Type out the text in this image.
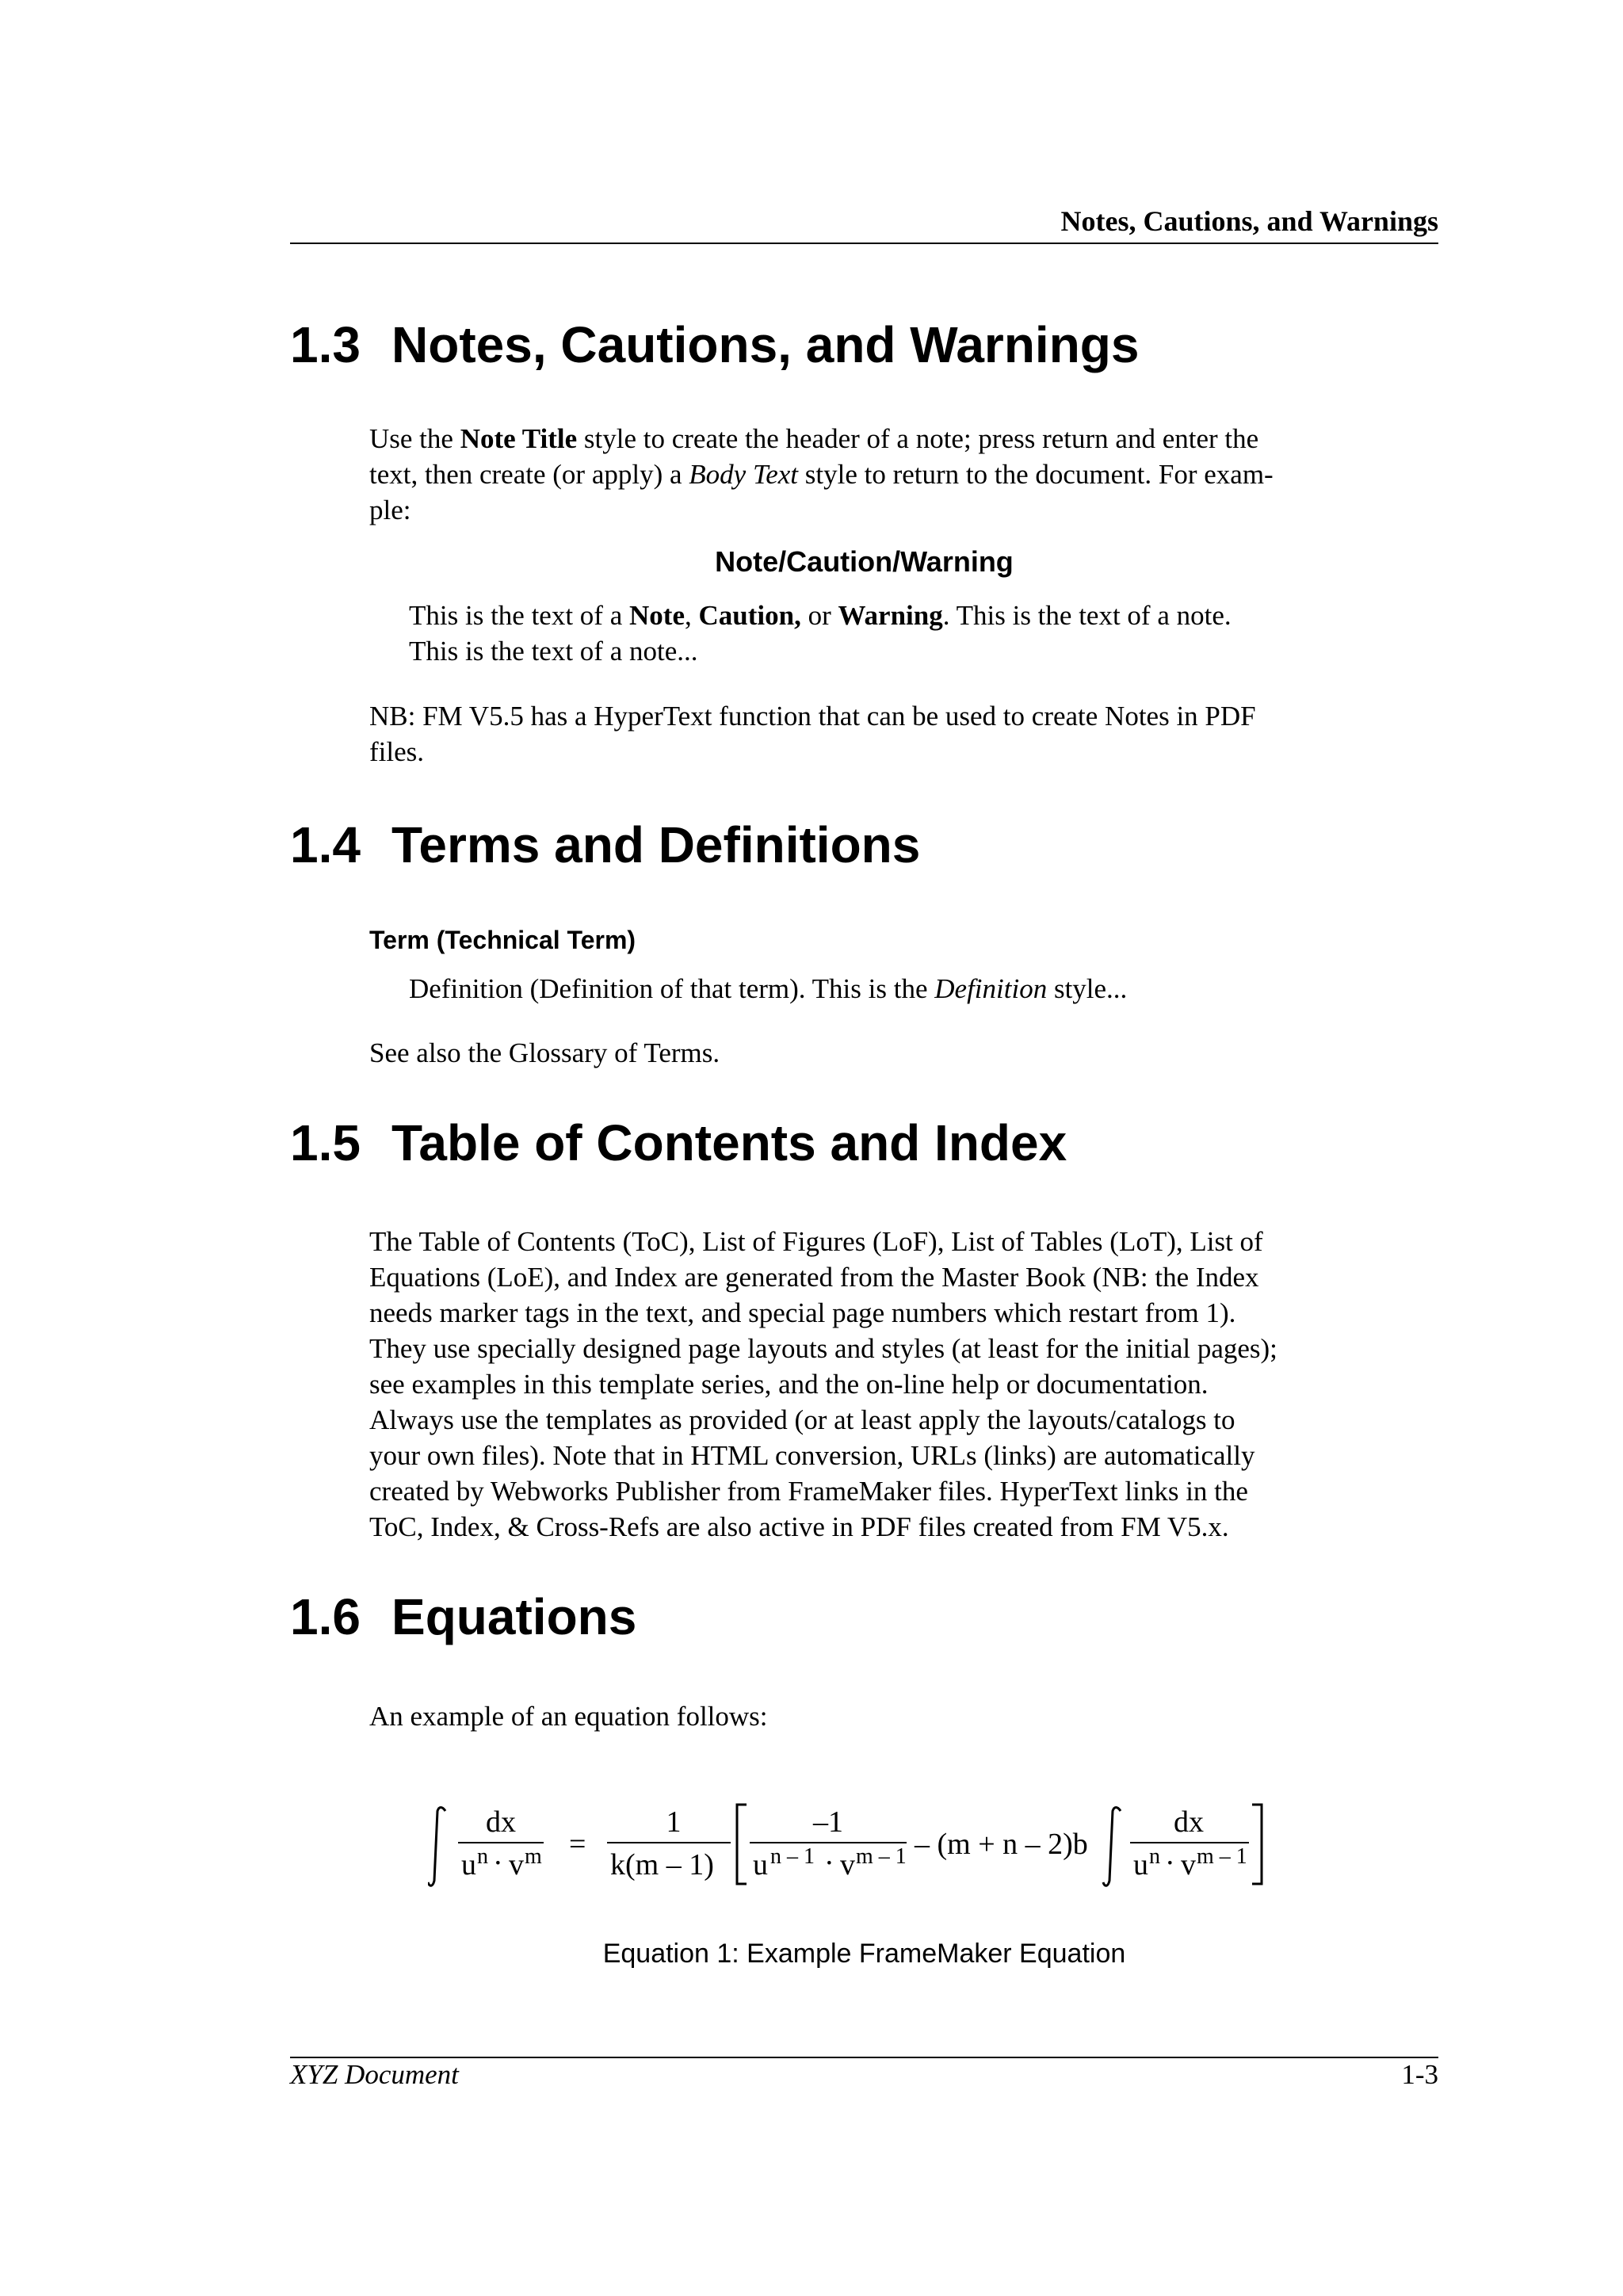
Notes, Cautions, and Warnings
1.3 Notes, Cautions, and Warnings
Use the Note Title style to create the header of a note; press return and enter the
text, then create (or apply) a Body Text style to return to the document. For exam-
ple:
Note/Caution/Warning
This is the text of a Note, Caution, or Warning. This is the text of a note.
This is the text of a note...
NB: FM V5.5 has a HyperText function that can be used to create Notes in PDF
files.
1.4 Terms and Definitions
Term (Technical Term)
Definition (Definition of that term). This is the Definition style...
See also the Glossary of Terms.
1.5 Table of Contents and Index
The Table of Contents (ToC), List of Figures (LoF), List of Tables (LoT), List of
Equations (LoE), and Index are generated from the Master Book (NB: the Index
needs marker tags in the text, and special page numbers which restart from 1).
They use specially designed page layouts and styles (at least for the initial pages);
see examples in this template series, and the on-line help or documentation.
Always use the templates as provided (or at least apply the layouts/catalogs to
your own files). Note that in HTML conversion, URLs (links) are automatically
created by Webworks Publisher from FrameMaker files. HyperText links in the
ToC, Index, & Cross-Refs are also active in PDF files created from FM V5.x.
1.6 Equations
An example of an equation follows:
dx
u n · v m =
1
k(m – 1)
–1
u n – 1 · v m – 1 – (m + n – 2)b
dx
u n · v m – 1
Equation 1: Example FrameMaker Equation
XYZ Document	1-3
